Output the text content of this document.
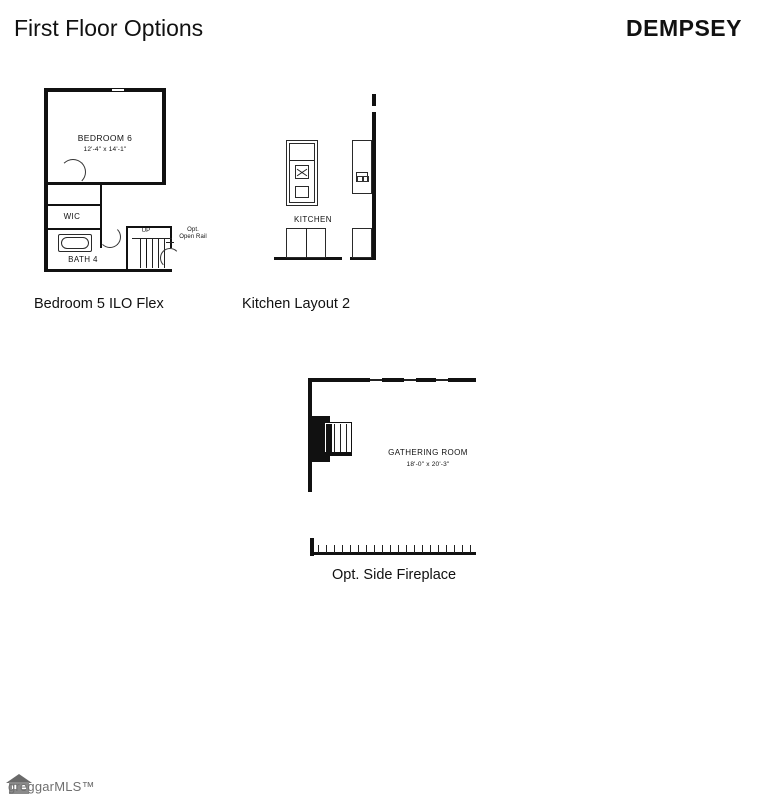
First Floor Options	DEMPSEY
BEDROOM 6
12'-4" x 14'-1"
WIC
BATH 4
UP	Opt.
Open Rail
Bedroom 5 ILO Flex
KITCHEN
Kitchen Layout 2
GATHERING ROOM
18'-0" x 20'-3"
Opt. Side Fireplace
greggarMLS™
